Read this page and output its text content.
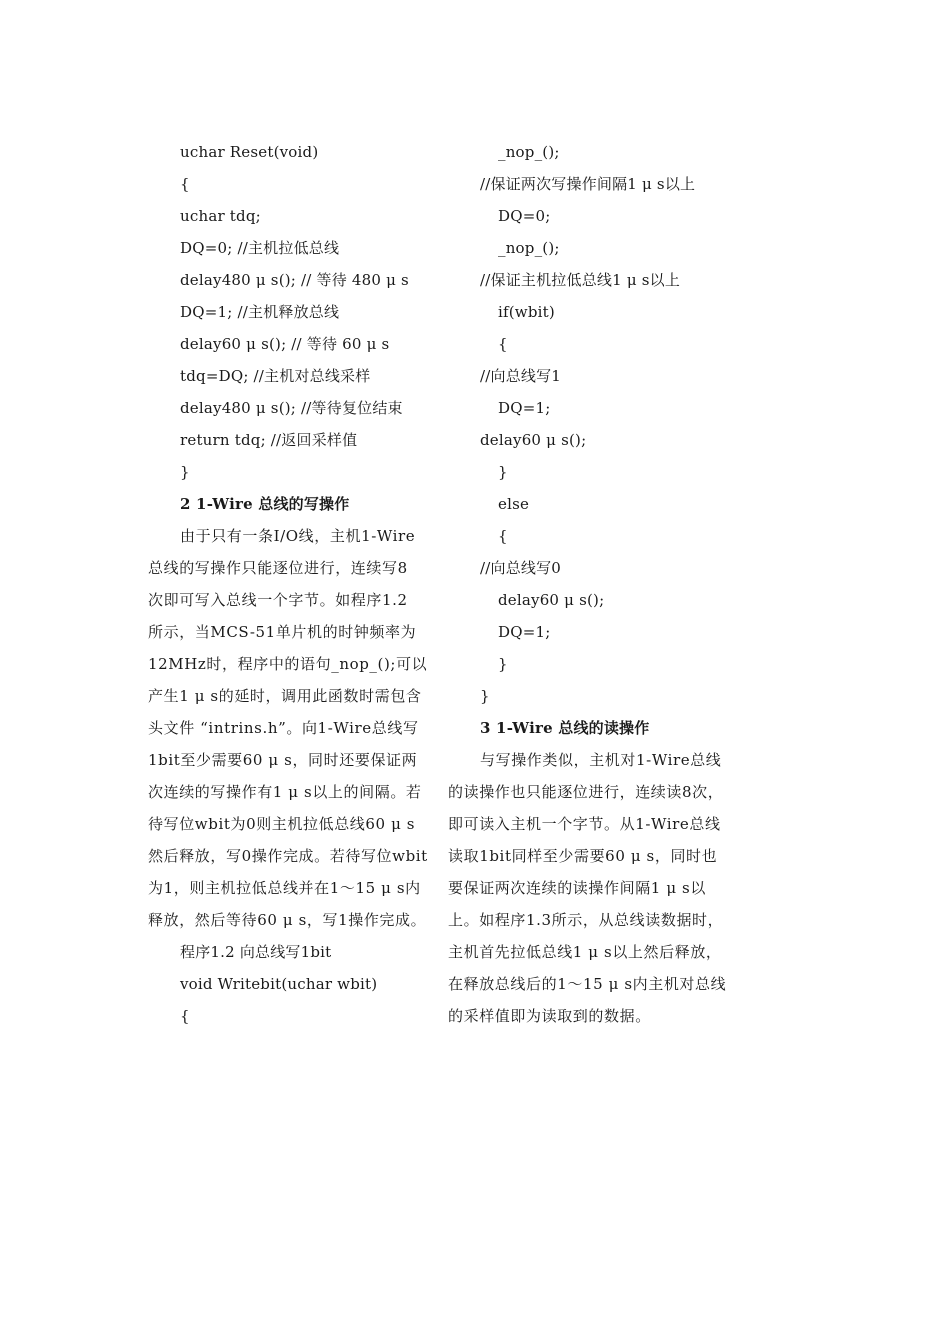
uchar Reset(void)
{
uchar tdq;
DQ=0; //主机拉低总线
delay480 μ s(); // 等待 480 μ s
DQ=1; //主机释放总线
delay60 μ s(); // 等待 60 μ s
tdq=DQ; //主机对总线采样
delay480 μ s(); //等待复位结束
return tdq; //返回采样值
}
2 1-Wire 总线的写操作
由于只有一条I/O线，主机1-Wire
总线的写操作只能逐位进行，连续写8
次即可写入总线一个字节。如程序1.2
所示，当MCS-51单片机的时钟频率为
12MHz时，程序中的语句_nop_();可以
产生1 μ s的延时，调用此函数时需包含
头文件 “intrins.h”。向1-Wire总线写
1bit至少需要60 μ s，同时还要保证两
次连续的写操作有1 μ s以上的间隔。若
待写位wbit为0则主机拉低总线60 μ s
然后释放，写0操作完成。若待写位wbit
为1，则主机拉低总线并在1～15 μ s内
释放，然后等待60 μ s，写1操作完成。
程序1.2 向总线写1bit
void Writebit(uchar wbit)
{
_nop_();
//保证两次写操作间隔1 μ s以上
DQ=0;
_nop_();
//保证主机拉低总线1 μ s以上
if(wbit)
{
//向总线写1
DQ=1;
delay60 μ s();
}
else
{
//向总线写0
delay60 μ s();
DQ=1;
}
}
3 1-Wire 总线的读操作
与写操作类似，主机对1-Wire总线
的读操作也只能逐位进行，连续读8次，
即可读入主机一个字节。从1-Wire总线
读取1bit同样至少需要60 μ s，同时也
要保证两次连续的读操作间隔1 μ s以
上。如程序1.3所示，从总线读数据时，
主机首先拉低总线1 μ s以上然后释放，
在释放总线后的1～15 μ s内主机对总线
的采样值即为读取到的数据。
